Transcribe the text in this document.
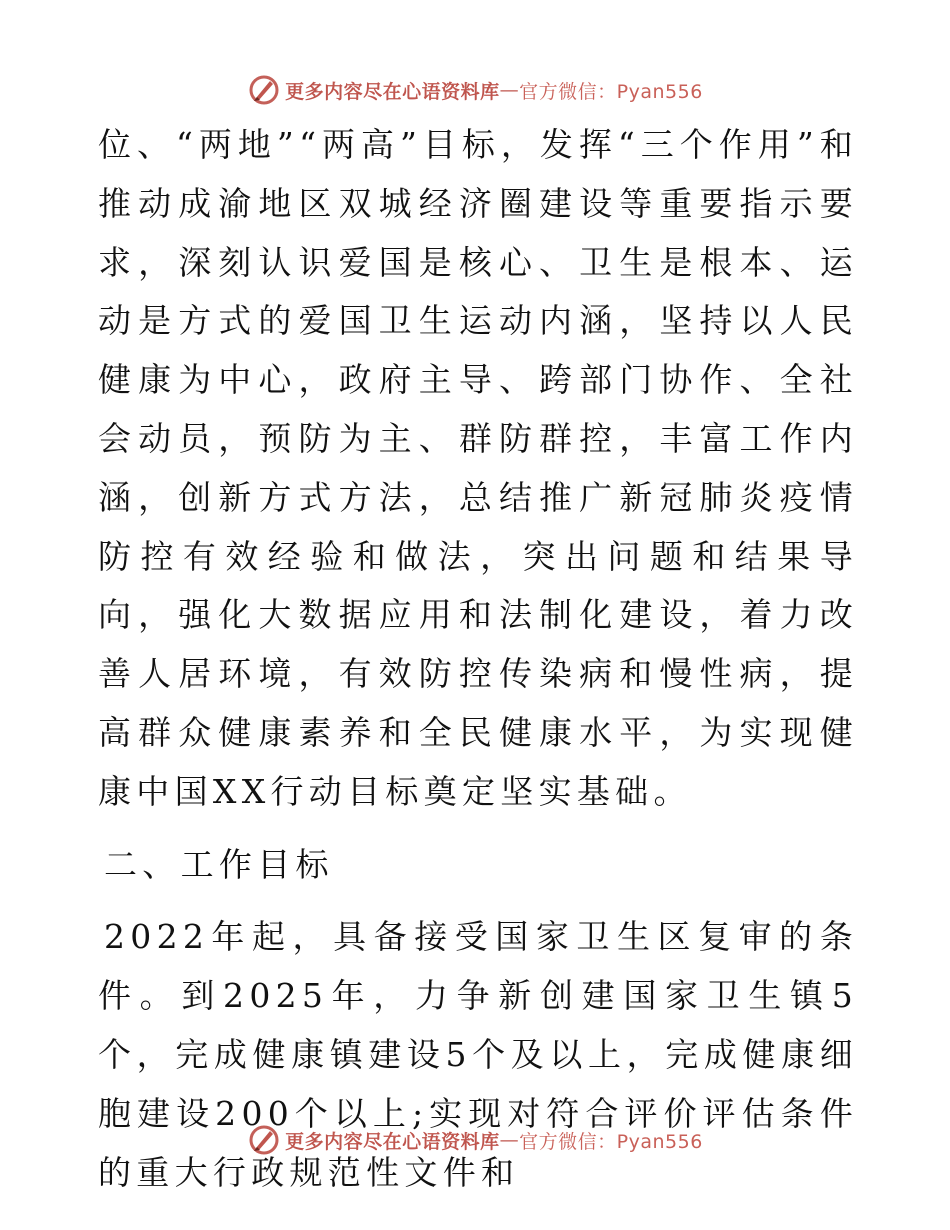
更多内容尽在心语资料库 — 官方微信：Pyan556

位、“两地”“两高”目标，发挥“三个作用”和推动成渝地区双城经济圈建设等重要指示要求，深刻认识爱国是核心、卫生是根本、运动是方式的爱国卫生运动内涵，坚持以人民健康为中心，政府主导、跨部门协作、全社会动员，预防为主、群防群控，丰富工作内涵，创新方式方法，总结推广新冠肺炎疫情防控有效经验和做法，突出问题和结果导向，强化大数据应用和法制化建设，着力改善人居环境，有效防控传染病和慢性病，提高群众健康素养和全民健康水平，为实现健康中国XX行动目标奠定坚实基础。

二、工作目标

2022年起，具备接受国家卫生区复审的条件。到2025年，力争新创建国家卫生镇5个，完成健康镇建设5个及以上，完成健康细胞建设200个以上;实现对符合评价评估条件的重大行政规范性文件和

更多内容尽在心语资料库 — 官方微信：Pyan556
